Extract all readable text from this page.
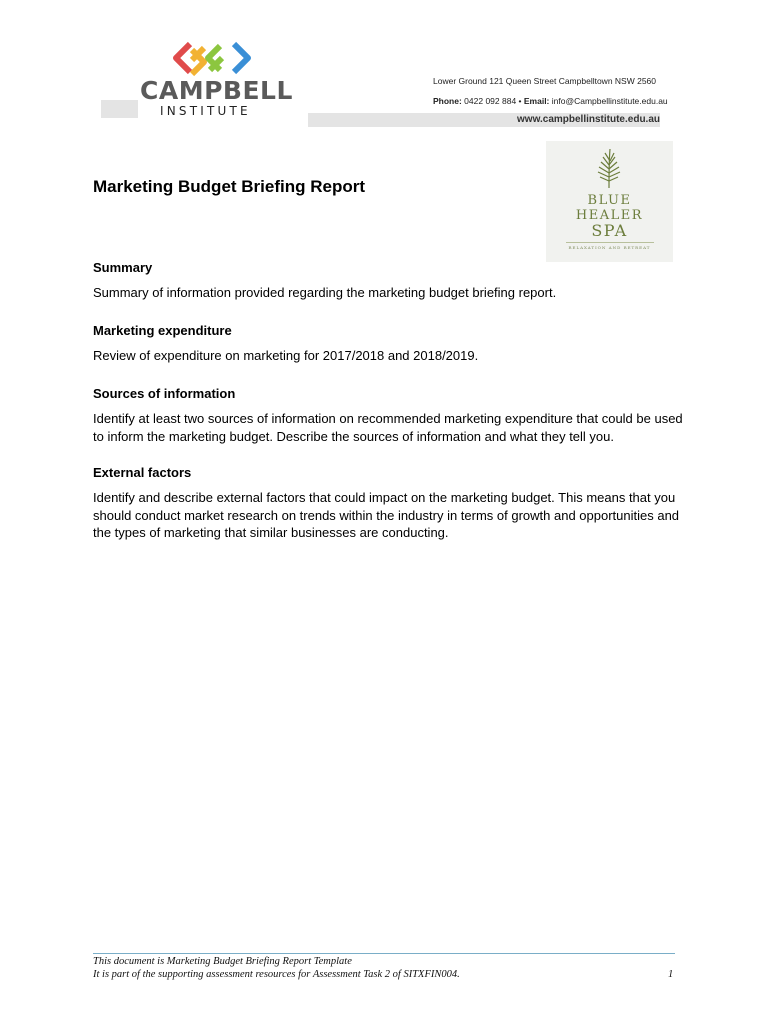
CAMPBELL
INSTITUTE
Lower Ground 121 Queen Street Campbelltown NSW 2560
Phone: 0422 092 884 • Email: info@Campbellinstitute.edu.au
www.campbellinstitute.edu.au
BLUE
HEALER
SPA
RELAXATION AND RETREAT
Marketing Budget Briefing Report
Summary

Summary of information provided regarding the marketing budget briefing report.

Marketing expenditure

Review of expenditure on marketing for 2017/2018 and 2018/2019.

Sources of information

Identify at least two sources of information on recommended marketing expenditure that could be used to inform the marketing budget. Describe the sources of information and what they tell you.

External factors

Identify and describe external factors that could impact on the marketing budget. This means that you should conduct market research on trends within the industry in terms of growth and opportunities and the types of marketing that similar businesses are conducting.

This document is Marketing Budget Briefing Report Template
It is part of the supporting assessment resources for Assessment Task 2 of SITXFIN004.	1
